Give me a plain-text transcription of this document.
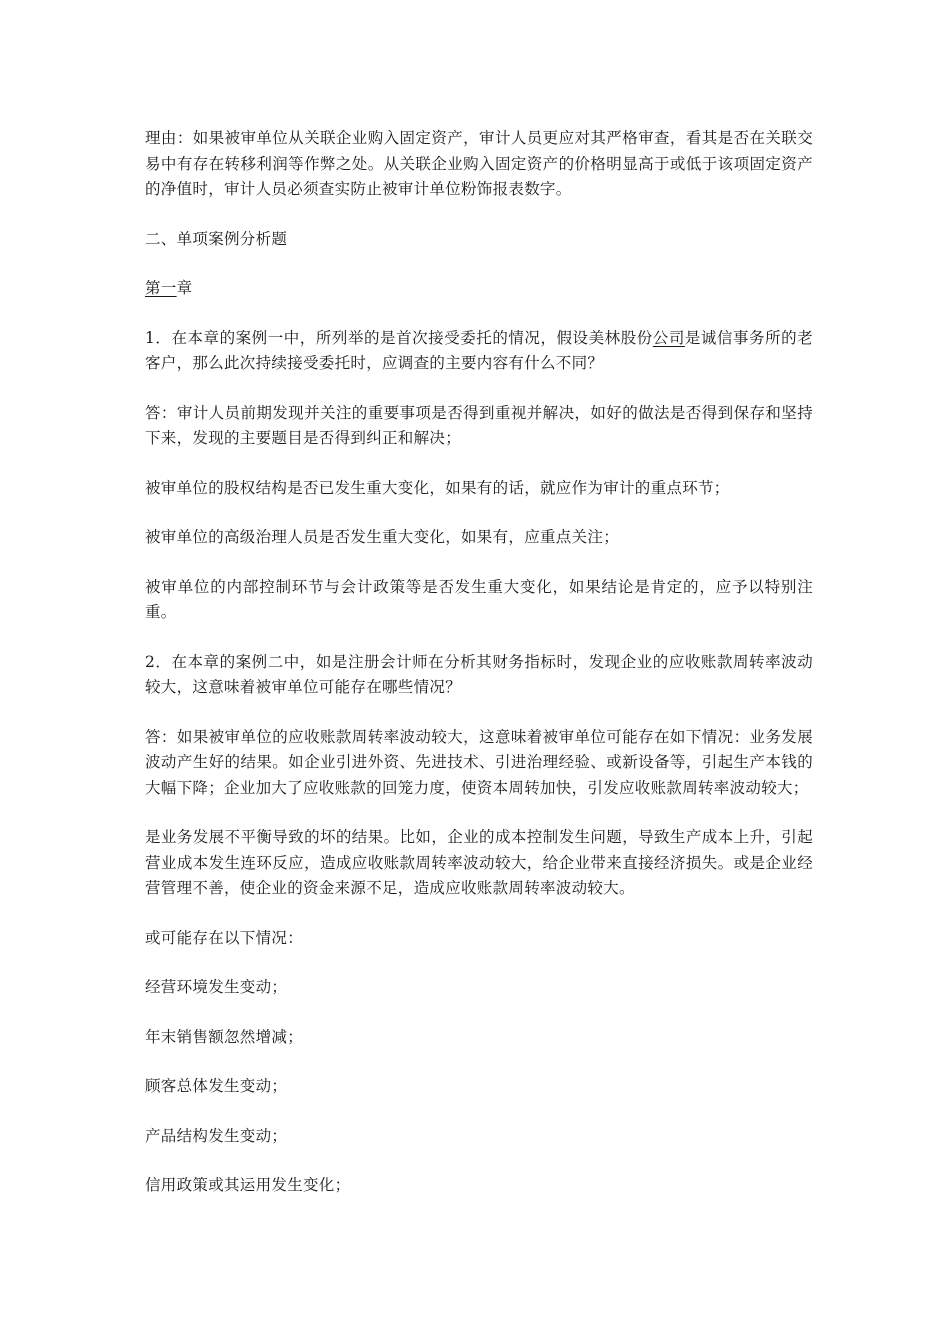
理由：如果被审单位从关联企业购入固定资产，审计人员更应对其严格审查，看其是否在关联交易中有存在转移利润等作弊之处。从关联企业购入固定资产的价格明显高于或低于该项固定资产的净值时，审计人员必须查实防止被审计单位粉饰报表数字。

二、单项案例分析题

第一章

1．在本章的案例一中，所列举的是首次接受委托的情况，假设美林股份公司是诚信事务所的老客户，那么此次持续接受委托时，应调查的主要内容有什么不同？

答：审计人员前期发现并关注的重要事项是否得到重视并解决，如好的做法是否得到保存和坚持下来，发现的主要题目是否得到纠正和解决；

被审单位的股权结构是否已发生重大变化，如果有的话，就应作为审计的重点环节；

被审单位的高级治理人员是否发生重大变化，如果有，应重点关注；

被审单位的内部控制环节与会计政策等是否发生重大变化，如果结论是肯定的，应予以特别注重。

2．在本章的案例二中，如是注册会计师在分析其财务指标时，发现企业的应收账款周转率波动较大，这意味着被审单位可能存在哪些情况？

答：如果被审单位的应收账款周转率波动较大，这意味着被审单位可能存在如下情况：业务发展波动产生好的结果。如企业引进外资、先进技术、引进治理经验、或新设备等，引起生产本钱的大幅下降；企业加大了应收账款的回笼力度，使资本周转加快，引发应收账款周转率波动较大；

是业务发展不平衡导致的坏的结果。比如，企业的成本控制发生问题，导致生产成本上升，引起营业成本发生连环反应，造成应收账款周转率波动较大，给企业带来直接经济损失。或是企业经营管理不善，使企业的资金来源不足，造成应收账款周转率波动较大。

或可能存在以下情况：

经营环境发生变动；

年末销售额忽然增减；

顾客总体发生变动；

产品结构发生变动；

信用政策或其运用发生变化；
